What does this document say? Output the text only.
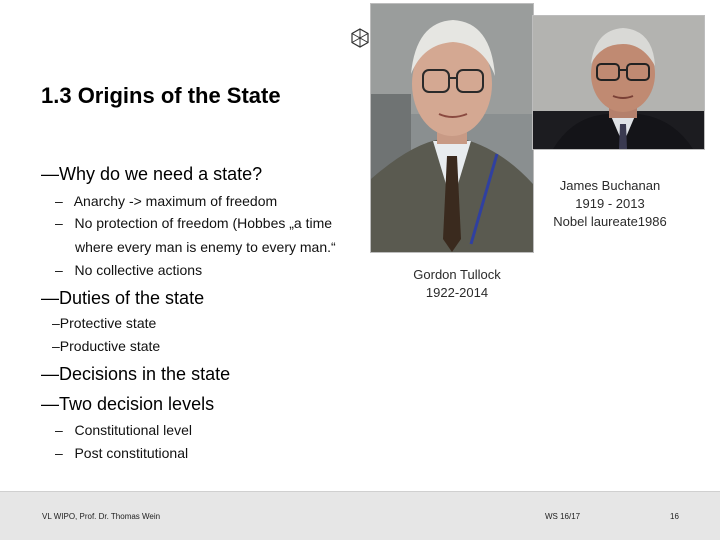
1.3 Origins of the State
—Why do we need a state?
– Anarchy -> maximum of freedom
– No protection of freedom (Hobbes „a time
where every man is enemy to every man.“
– No collective actions
—Duties of the state
–Protective state
–Productive state
—Decisions in the state
—Two decision levels
– Constitutional level
– Post constitutional
Gordon Tullock
1922-2014
James Buchanan
1919 - 2013
Nobel laureate1986
VL WIPO, Prof. Dr. Thomas Wein	WS 16/17	16
